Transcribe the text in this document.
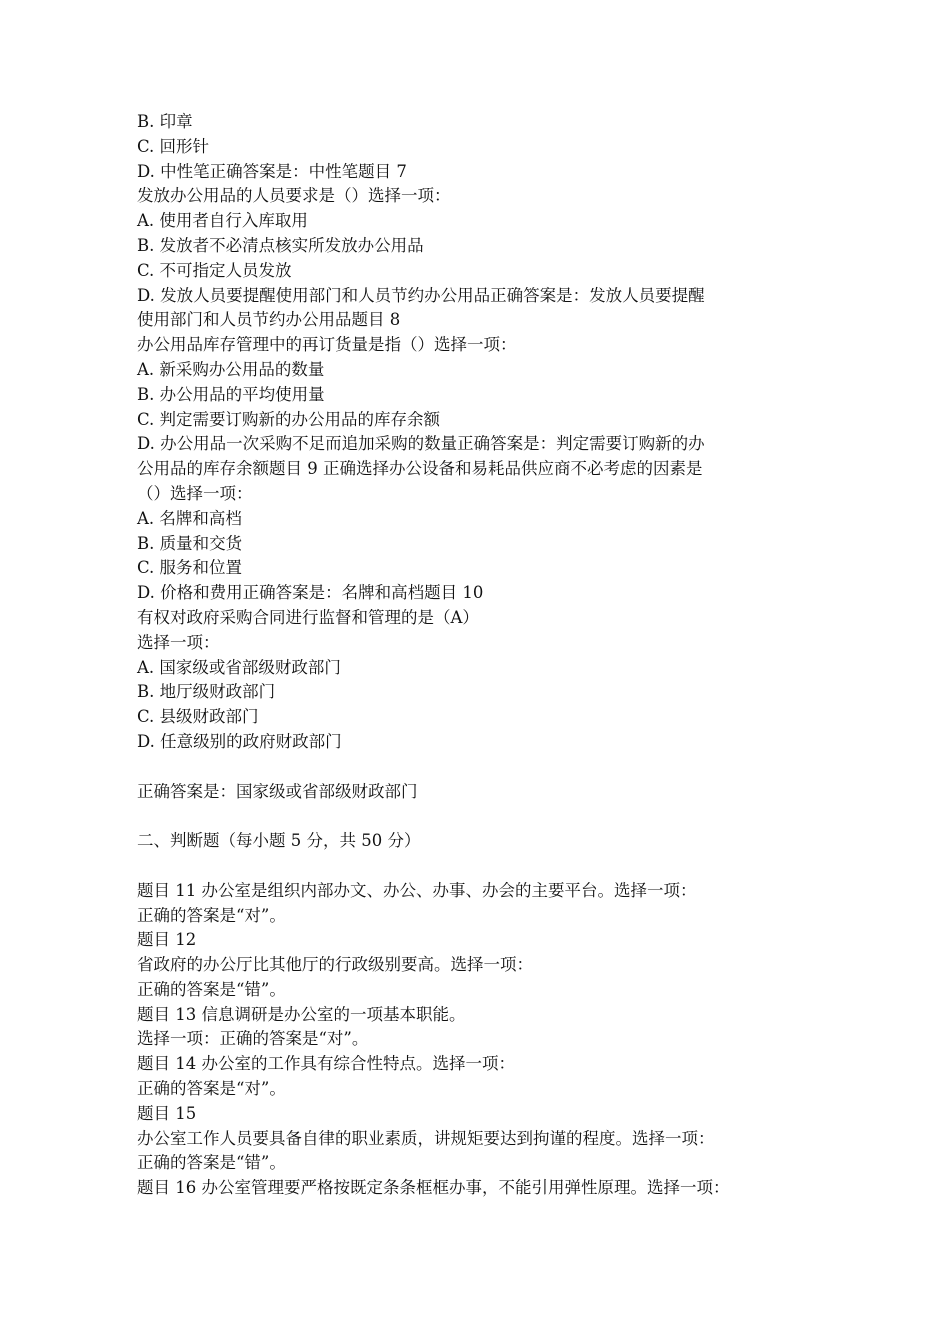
B. 印章
C. 回形针
D. 中性笔正确答案是：中性笔题目 7
发放办公用品的人员要求是（）选择一项：
A. 使用者自行入库取用
B. 发放者不必清点核实所发放办公用品
C. 不可指定人员发放
D. 发放人员要提醒使用部门和人员节约办公用品正确答案是：发放人员要提醒
使用部门和人员节约办公用品题目 8
办公用品库存管理中的再订货量是指（）选择一项：
A. 新采购办公用品的数量
B. 办公用品的平均使用量
C. 判定需要订购新的办公用品的库存余额
D. 办公用品一次采购不足而追加采购的数量正确答案是：判定需要订购新的办
公用品的库存余额题目 9 正确选择办公设备和易耗品供应商不必考虑的因素是
（）选择一项：
A. 名牌和高档
B. 质量和交货
C. 服务和位置
D. 价格和费用正确答案是：名牌和高档题目 10
有权对政府采购合同进行监督和管理的是（A）
选择一项：
A. 国家级或省部级财政部门
B. 地厅级财政部门
C. 县级财政部门
D. 任意级别的政府财政部门
正确答案是：国家级或省部级财政部门
二、判断题（每小题 5 分，共 50 分）
题目 11 办公室是组织内部办文、办公、办事、办会的主要平台。选择一项：
正确的答案是“对”。
题目 12
省政府的办公厅比其他厅的行政级别要高。选择一项：
正确的答案是“错”。
题目 13 信息调研是办公室的一项基本职能。
选择一项：正确的答案是“对”。
题目 14 办公室的工作具有综合性特点。选择一项：
正确的答案是“对”。
题目 15
办公室工作人员要具备自律的职业素质，讲规矩要达到拘谨的程度。选择一项：
正确的答案是“错”。
题目 16 办公室管理要严格按既定条条框框办事，不能引用弹性原理。选择一项：
